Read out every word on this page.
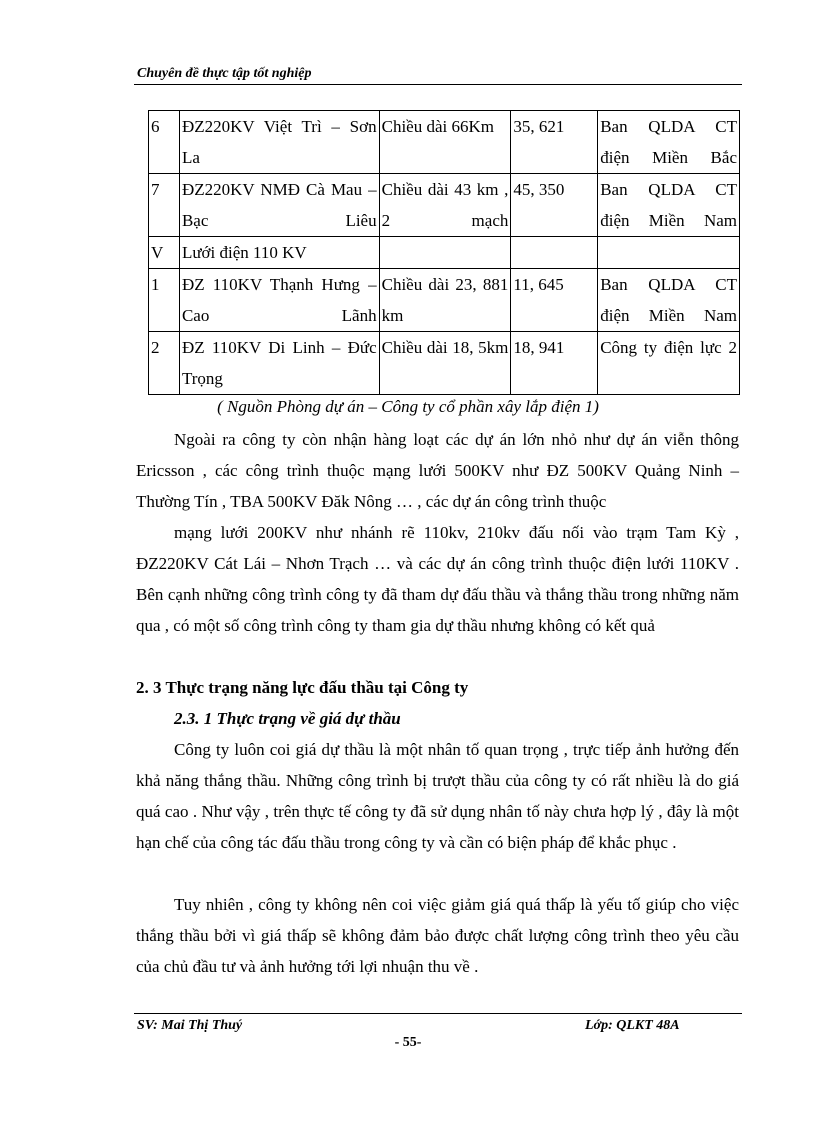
Chuyên đề thực tập tốt nghiệp
6	ĐZ220KV Việt Trì – Sơn La	Chiều dài 66Km	35, 621	Ban QLDA CT điện Miền Bắc
7	ĐZ220KV NMĐ Cà Mau – Bạc Liêu	Chiều dài 43 km , 2 mạch	45, 350	Ban QLDA CT điện Miền Nam
V	Lưới điện 110 KV			
1	ĐZ 110KV Thạnh Hưng – Cao Lãnh	Chiều dài 23, 881 km	11, 645	Ban QLDA CT điện Miền Nam
2	ĐZ 110KV Di Linh – Đức Trọng	Chiều dài 18, 5km	18, 941	Công ty điện lực 2
( Nguồn Phòng dự án – Công ty cổ phần xây lắp điện 1)

Ngoài ra công ty còn nhận hàng loạt các dự án lớn nhỏ như dự án viễn thông Ericsson , các công trình thuộc mạng lưới 500KV như ĐZ 500KV Quảng Ninh – Thường Tín , TBA 500KV Đăk Nông … , các dự án công trình thuộc

mạng lưới 200KV như nhánh rẽ 110kv, 210kv đấu nối vào trạm Tam Kỳ , ĐZ220KV Cát Lái – Nhơn Trạch … và các dự án công trình thuộc điện lưới 110KV . Bên cạnh những công trình công ty đã tham dự đấu thầu và thắng thầu trong những năm qua , có một số công trình công ty tham gia dự thầu nhưng không có kết quả

2. 3 Thực trạng năng lực đấu thầu tại Công ty

2.3. 1 Thực trạng về giá dự thầu

Công ty luôn coi giá dự thầu là một nhân tố quan trọng , trực tiếp ảnh hưởng đến khả năng thắng thầu. Những công trình bị trượt thầu của công ty có rất nhiều là do giá quá cao . Như vậy , trên thực tế công ty đã sử dụng nhân tố này chưa hợp lý , đây là một hạn chế của công tác đấu thầu trong công ty và cần có biện pháp để khắc phục .

Tuy nhiên , công ty không nên coi việc giảm giá quá thấp là yếu tố giúp cho việc thắng thầu bởi vì giá thấp sẽ không đảm bảo được chất lượng công trình theo yêu cầu của chủ đầu tư và ảnh hưởng tới lợi nhuận thu về .

SV: Mai Thị Thuý	Lớp: QLKT 48A
- 55-
